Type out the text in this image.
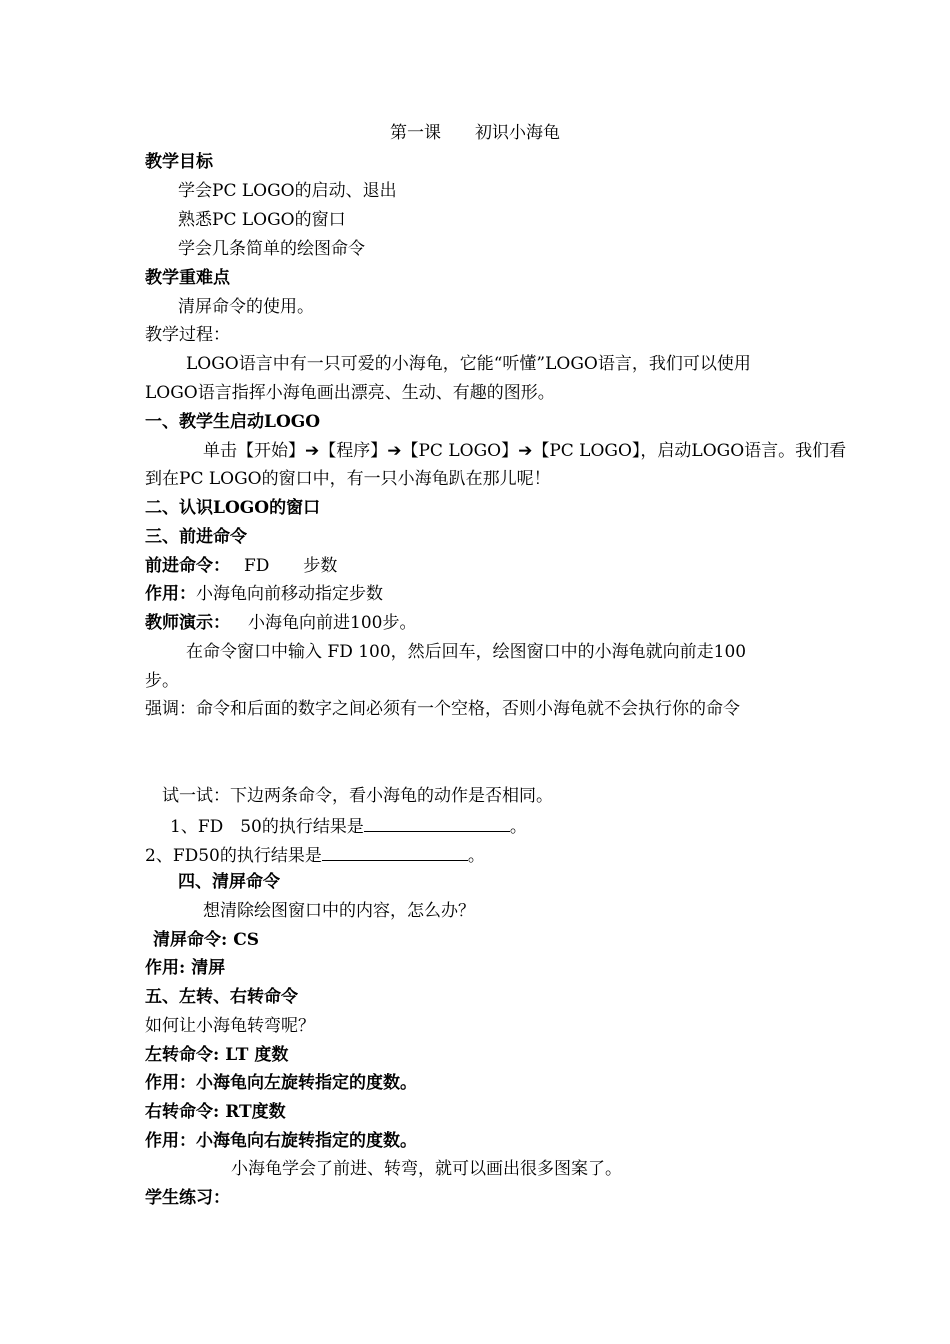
第一课　　初识小海龟
教学目标
学会PC LOGO的启动、退出
熟悉PC LOGO的窗口
学会几条简单的绘图命令
教学重难点
清屏命令的使用。
教学过程：
LOGO语言中有一只可爱的小海龟，它能“听懂”LOGO语言，我们可以使用
LOGO语言指挥小海龟画出漂亮、生动、有趣的图形。
一、教学生启动LOGO
单击【开始】➔【程序】➔【PC LOGO】➔【PC LOGO】，启动LOGO语言。我们看
到在PC LOGO的窗口中，有一只小海龟趴在那儿呢！
二、认识LOGO的窗口
三、前进命令
前进命令： FD　　步数
作用：小海龟向前移动指定步数
教师演示： 小海龟向前进100步。
在命令窗口中输入 FD 100，然后回车，绘图窗口中的小海龟就向前走100
步。
强调：命令和后面的数字之间必须有一个空格，否则小海龟就不会执行你的命令
试一试：下边两条命令，看小海龟的动作是否相同。
1、FD　50的执行结果是	。
2、FD50的执行结果是	。
四、清屏命令
想清除绘图窗口中的内容，怎么办？
清屏命令: CS
作用: 清屏
五、左转、右转命令
如何让小海龟转弯呢？
左转命令: LT 度数
作用：小海龟向左旋转指定的度数。
右转命令: RT度数
作用：小海龟向右旋转指定的度数。
小海龟学会了前进、转弯，就可以画出很多图案了。
学生练习：
